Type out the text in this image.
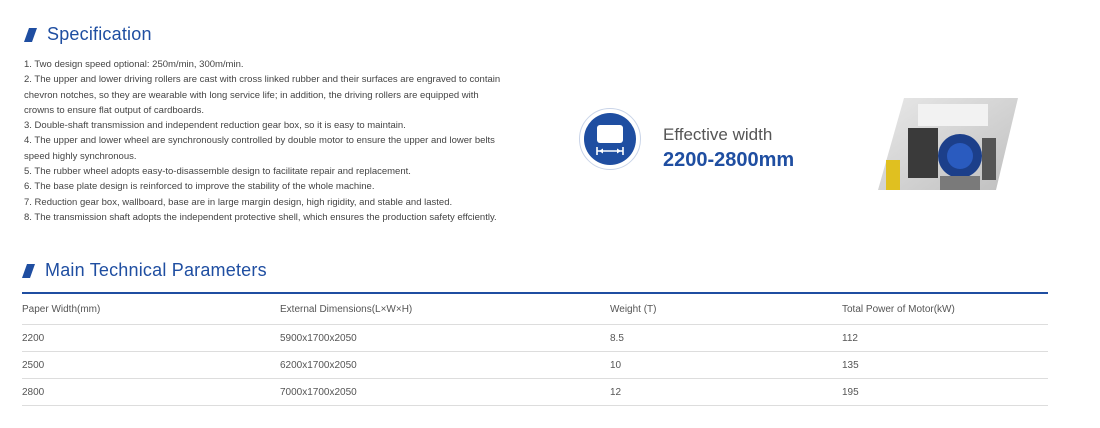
Specification

1. Two design speed optional: 250m/min, 300m/min.

2. The upper and lower driving rollers are cast with cross linked rubber and their surfaces are engraved to contain chevron notches, so they are wearable with long service life; in addition, the driving rollers are equipped with crowns to ensure flat output of cardboards.

3. Double-shaft transmission and independent reduction gear box, so it is easy to maintain.

4. The upper and lower wheel are synchronously controlled by double motor to ensure the upper and lower belts speed highly synchronous.

5. The rubber wheel adopts easy-to-disassemble design to facilitate repair and replacement.

6. The base plate design is reinforced to improve the stability of the whole machine.

7. Reduction gear box, wallboard, base are in large margin design, high rigidity, and stable and lasted.

8. The transmission shaft adopts the independent protective shell, which ensures the production safety effciently.

Effective width
2200-2800mm
Main Technical Parameters
Paper Width(mm)	External Dimensions(L×W×H)	Weight (T)	Total Power of Motor(kW)
2200	5900x1700x2050	8.5	112
2500	6200x1700x2050	10	135
2800	7000x1700x2050	12	195
